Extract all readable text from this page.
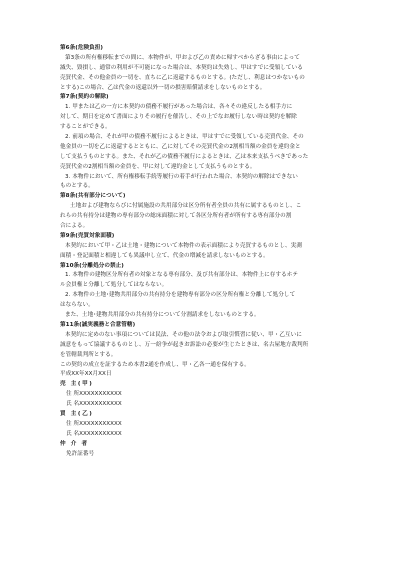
第6条(危険負担)
第3条の所有権移転までの間に、本物件が、甲および乙の責めに帰すべからざる事由によって
滅失、毀損し、通常の利用が不可能になった場合は、本契約は失効し、甲はすでに受領している
売買代金、その他金員の一切を、直ちに乙に返還するものとする。(ただし、利息はつかないもの
とする)この場合、乙は代金の返還以外一切の損害賠償請求をしないものとする。
第7条(契約の解除)
1. 甲または乙の一方に本契約の債務不履行があった場合は、各々その違反したる相手方に
対して、期日を定めて書面によりその履行を催告し、その上でなお履行しない時は契約を解除
することができる。
2. 前項の場合、それが甲の債務不履行によるときは、甲はすでに受領している売買代金、その
他金員の一切を乙に返還するとともに、乙に対してその売買代金の2割相当額の金員を違約金と
して支払うものとする。また、それが乙の債務不履行によるときは、乙は本来支払うべきであった
売買代金の2割相当額の金員を、甲に対して違約金として支払うものとする。
3. 本物件において、所有権移転手続等履行の着手が行われた場合、本契約の解除はできない
ものとする。
第8条(共有部分について)
土地および建物ならびに付属施設の共用部分は区分所有者全員の共有に属するものとし、こ
れらの共有持分は建物の専有部分の総床面積に対して各区分所有者が所有する専有部分の割
合による。
第9条(売買対象面積)
本契約において甲・乙は土地・建物について本物件の表示面積により売買するものとし、実測
面積・登記面積と相違しても異議申し立て、代金の増減を請求しないものとする。
第10条(分離処分の禁止)
1. 本物件の建物区分所有者の対象となる専有部分、及び共有部分は、本物件上に存するホテ
ル会員権と分離して処分してはならない。
2. 本物件の土地･建物共用部分の共有持分を建物専有部分の区分所有権と分離して処分して
はならない。
また、土地･建物共用部分の共有持分について分割請求をしないものとする。
第11条(誠実義務と合意管轄)
本契約に定めのない事項については民法、その他の法令および取引慣習に従い、甲・乙互いに
誠意をもって協議するものとし、万一紛争が起きお訴訟の必要が生じたときは、名古屋地方裁判所
を管轄裁判所とする。
この契約の成立を証するため本書2通を作成し、甲・乙各一通を保有する。
平成XX年XX月XX日
売 主(甲)
住 所XXXXXXXXXXX
氏 名XXXXXXXXXXX
買 主(乙)
住 所XXXXXXXXXXX
氏 名XXXXXXXXXXX
仲 介 者
免許証番号
